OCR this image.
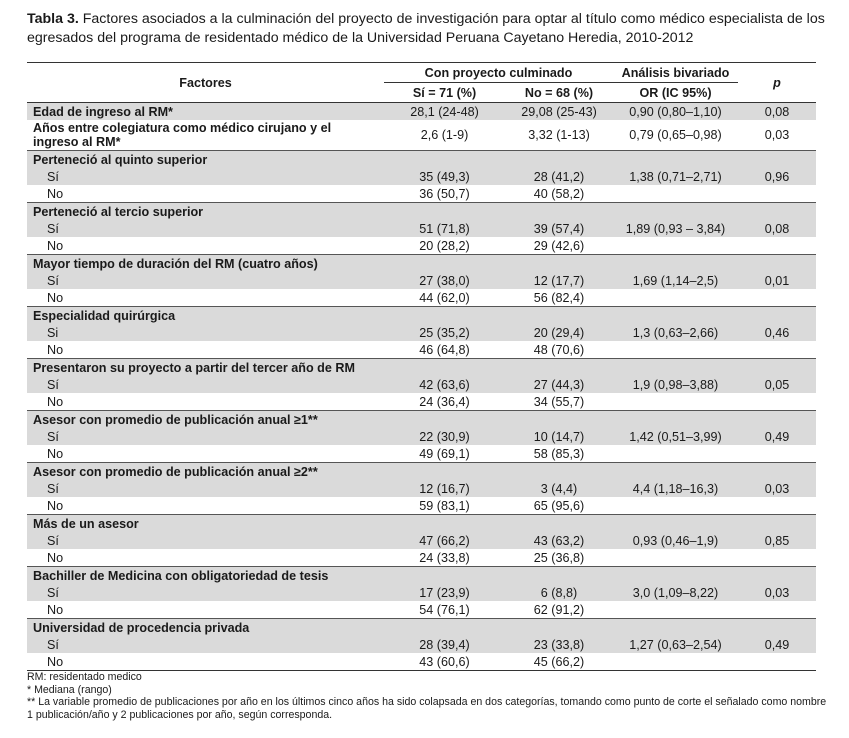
Tabla 3. Factores asociados a la culminación del proyecto de investigación para optar al título como médico especialista de los egresados del programa de residentado médico de la Universidad Peruana Cayetano Heredia, 2010-2012
Factores	Con proyecto culminado		Análisis bivariado	p
	Sí = 71 (%)	No = 68 (%)	OR (IC 95%)	
Edad de ingreso al RM*	28,1 (24-48)	29,08 (25-43)	0,90 (0,80–1,10)	0,08
Años entre colegiatura como médico cirujano y el ingreso al RM*	2,6 (1-9)	3,32 (1-13)	0,79 (0,65–0,98)	0,03
Perteneció al quinto superior				
Sí	35 (49,3)	28 (41,2)	1,38 (0,71–2,71)	0,96
No	36 (50,7)	40 (58,2)		
Perteneció al tercio superior				
Sí	51 (71,8)	39 (57,4)	1,89 (0,93 – 3,84)	0,08
No	20 (28,2)	29 (42,6)		
Mayor tiempo de duración del RM (cuatro años)				
Sí	27 (38,0)	12 (17,7)	1,69 (1,14–2,5)	0,01
No	44 (62,0)	56 (82,4)		
Especialidad quirúrgica				
Si	25 (35,2)	20 (29,4)	1,3 (0,63–2,66)	0,46
No	46 (64,8)	48 (70,6)		
Presentaron su proyecto a partir del tercer año de RM				
Sí	42 (63,6)	27 (44,3)	1,9 (0,98–3,88)	0,05
No	24 (36,4)	34 (55,7)		
Asesor con promedio de publicación anual ≥1**				
Sí	22 (30,9)	10 (14,7)	1,42 (0,51–3,99)	0,49
No	49 (69,1)	58 (85,3)		
Asesor con promedio de publicación anual ≥2**				
Sí	12 (16,7)	3 (4,4)	4,4 (1,18–16,3)	0,03
No	59 (83,1)	65 (95,6)		
Más de un asesor				
Sí	47 (66,2)	43 (63,2)	0,93 (0,46–1,9)	0,85
No	24 (33,8)	25 (36,8)		
Bachiller de Medicina con obligatoriedad de tesis				
Sí	17 (23,9)	6 (8,8)	3,0 (1,09–8,22)	0,03
No	54 (76,1)	62 (91,2)		
Universidad de procedencia privada				
Sí	28 (39,4)	23 (33,8)	1,27 (0,63–2,54)	0,49
No	43 (60,6)	45 (66,2)		
RM: residentado medico
* Mediana (rango)
** La variable promedio de publicaciones por año en los últimos cinco años ha sido colapsada en dos categorías, tomando como punto de corte el señalado como nombre 1 publicación/año y 2 publicaciones por año, según corresponda.
